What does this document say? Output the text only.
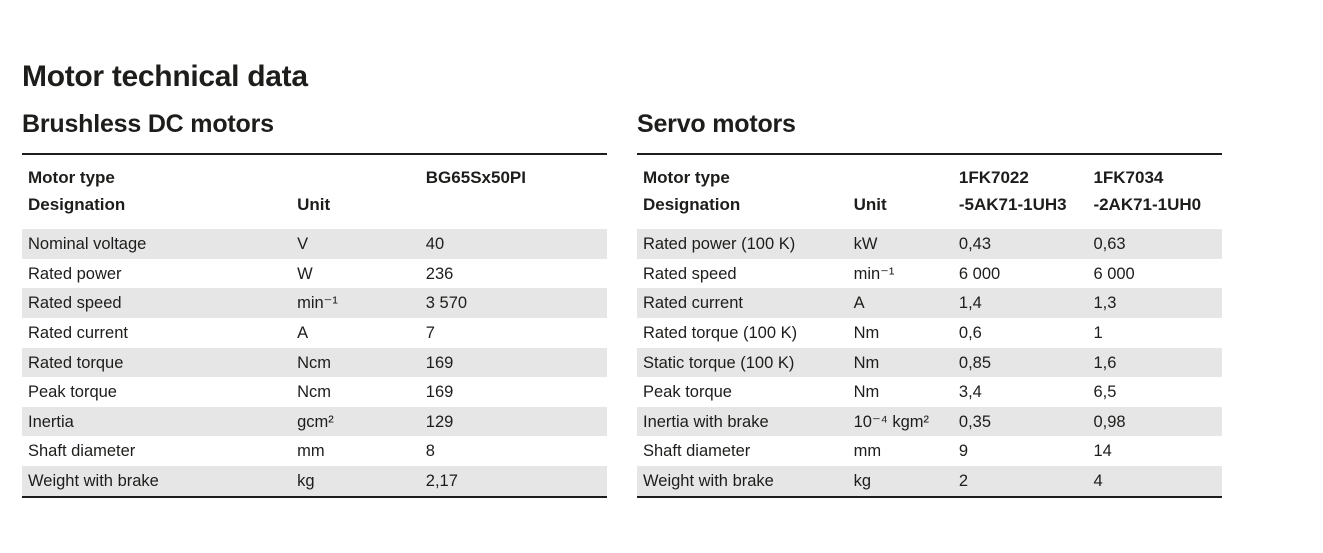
Motor technical data
Brushless DC motors

Motor type		BG65Sx50PI
Designation	Unit	
Nominal voltage	V	40
Rated power	W	236
Rated speed	min⁻¹	3 570
Rated current	A	7
Rated torque	Ncm	169
Peak torque	Ncm	169
Inertia	gcm²	129
Shaft diameter	mm	8
Weight with brake	kg	2,17

Servo motors

Motor type		1FK7022	1FK7034
Designation	Unit	-5AK71-1UH3	-2AK71-1UH0
Rated power (100 K)	kW	0,43	0,63
Rated speed	min⁻¹	6 000	6 000
Rated current	A	1,4	1,3
Rated torque (100 K)	Nm	0,6	1
Static torque (100 K)	Nm	0,85	1,6
Peak torque	Nm	3,4	6,5
Inertia with brake	10⁻⁴ kgm²	0,35	0,98
Shaft diameter	mm	9	14
Weight with brake	kg	2	4
